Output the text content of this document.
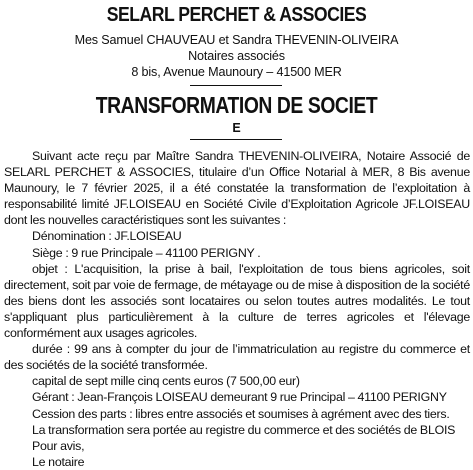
SELARL PERCHET & ASSOCIES
Mes Samuel CHAUVEAU et Sandra THEVENIN-OLIVEIRA
Notaires associés
8 bis, Avenue Maunoury – 41500 MER
TRANSFORMATION DE SOCIET
E

Suivant acte reçu par Maître Sandra THEVENIN-OLIVEIRA, Notaire Associé de SELARL PERCHET & ASSOCIES, titulaire d’un Office Notarial à MER, 8 Bis avenue Maunoury, le 7 février 2025, il a été constatée la transformation de l’exploitation à responsabilité limité JF.LOISEAU en Société Civile d’Exploitation Agricole JF.LOISEAU dont les nouvelles caractéristiques sont les suivantes :

Dénomination : JF.LOISEAU

Siège : 9 rue Principale – 41100 PERIGNY .

objet : L'acquisition, la prise à bail, l'exploitation de tous biens agricoles, soit directement, soit par voie de fermage, de métayage ou de mise à disposition de la société des biens dont les associés sont locataires ou selon toutes autres modalités. Le tout s'appliquant plus particulièrement à la culture de terres agricoles et l'élevage conformément aux usages agricoles.

durée : 99 ans à compter du jour de l’immatriculation au registre du commerce et des sociétés de la société transformée.

capital de sept mille cinq cents euros (7 500,00 eur)

Gérant : Jean-François LOISEAU demeurant 9 rue Principal – 41100 PERIGNY

Cession des parts : libres entre associés et soumises à agrément avec des tiers.

La transformation sera portée au registre du commerce et des sociétés de BLOIS

Pour avis,

Le notaire
